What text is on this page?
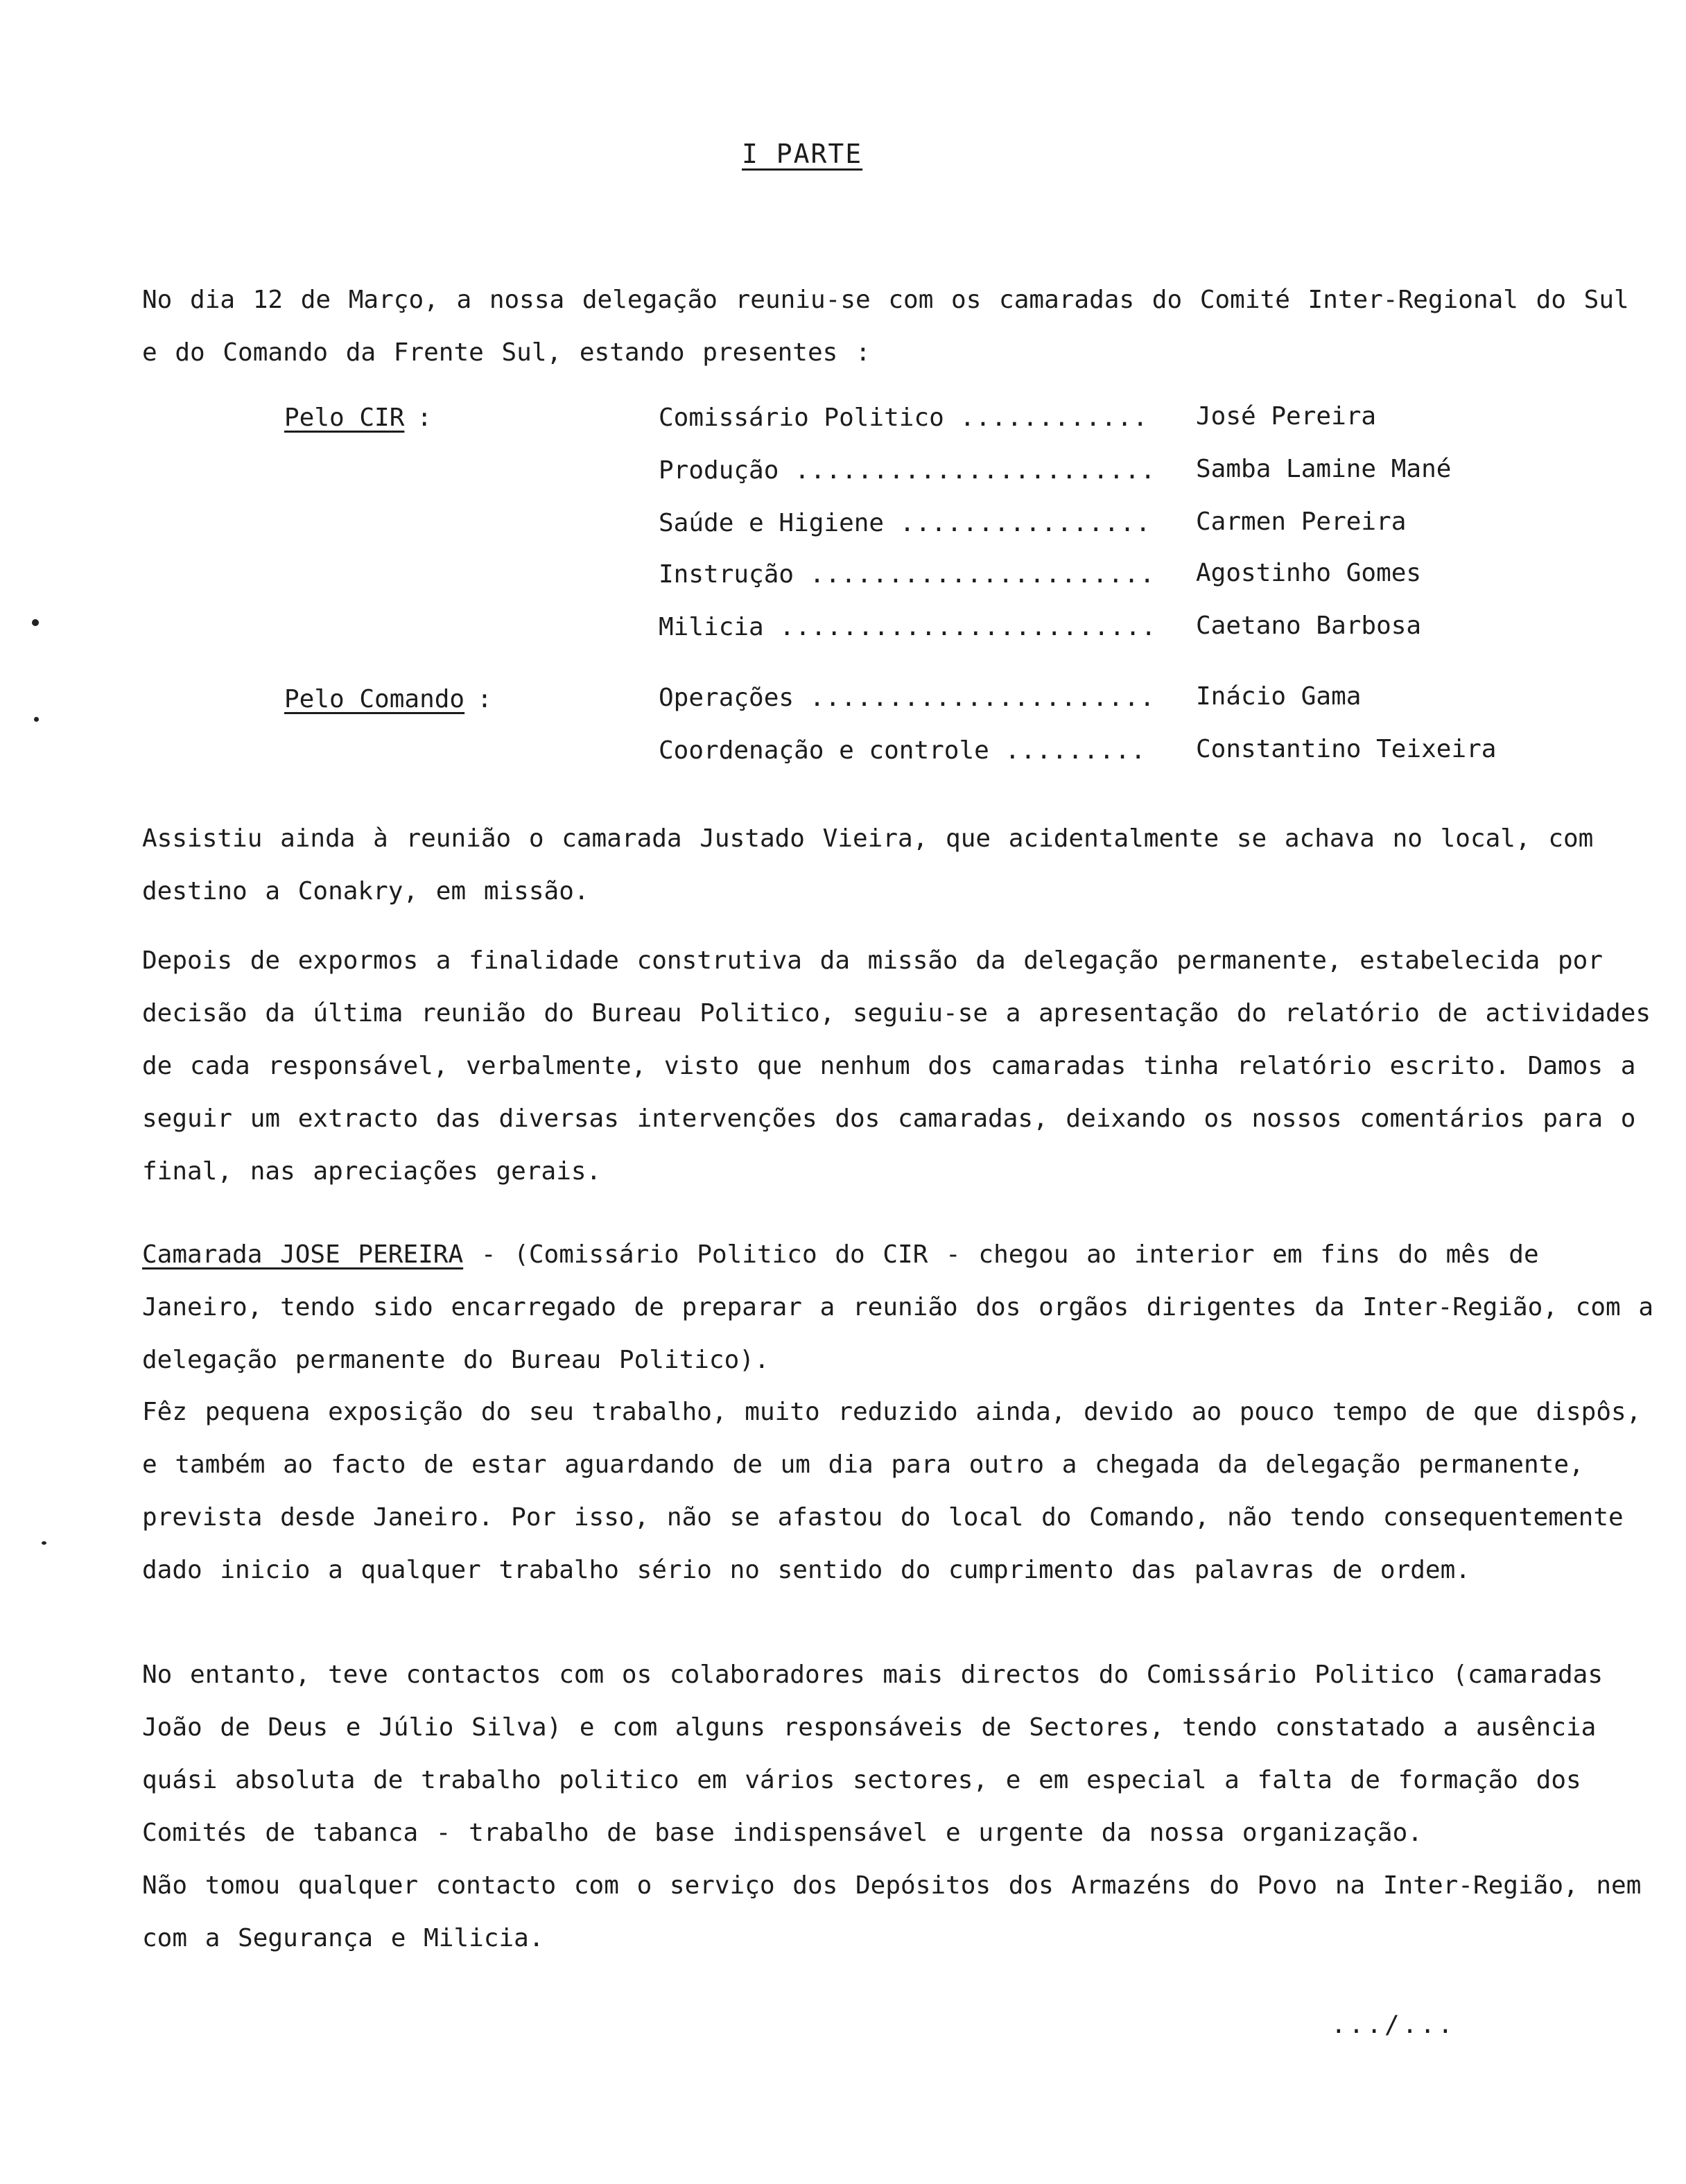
I PARTE
No dia 12 de Março, a nossa delegação reuniu-se com os camaradas do Comité Inter-Regional do Sul e do Comando da Frente Sul, estando presentes :
Pelo CIR :	Comissário Politico .....	José Pereira
Produção .....	Samba Lamine Mané
Saúde e Higiene .....	Carmen Pereira
Instrução .....	Agostinho Gomes
Milicia .....	Caetano Barbosa
Pelo Comando :	Operações .....	Inácio Gama
Coordenação e controle .....	Constantino Teixeira
Assistiu ainda à reunião o camarada Justado Vieira, que acidentalmente se achava no local, com destino a Conakry, em missão.
Depois de expormos a finalidade construtiva da missão da delegação permanente, estabelecida por decisão da última reunião do Bureau Politico, seguiu-se a apresentação do relatório de actividades de cada responsável, verbalmente, visto que nenhum dos camaradas tinha relatório escrito. Damos a seguir um extracto das diversas intervenções dos camaradas, deixando os nossos comentários para o final, nas apreciações gerais.
Camarada JOSE PEREIRA - (Comissário Politico do CIR - chegou ao interior em fins do mês de Janeiro, tendo sido encarregado de preparar a reunião dos orgãos dirigentes da Inter-Região, com a delegação permanente do Bureau Politico).
Fêz pequena exposição do seu trabalho, muito reduzido ainda, devido ao pouco tempo de que dispôs, e também ao facto de estar aguardando de um dia para outro a chegada da delegação permanente, prevista desde Janeiro. Por isso, não se afastou do local do Comando, não tendo consequentemente dado inicio a qualquer trabalho sério no sentido do cumprimento das palavras de ordem.
No entanto, teve contactos com os colaboradores mais directos do Comissário Politico (camaradas João de Deus e Júlio Silva) e com alguns responsáveis de Sectores, tendo constatado a ausência quási absoluta de trabalho politico em vários sectores, e em especial a falta de formação dos Comités de tabanca - trabalho de base indispensável e urgente da nossa organização.
Não tomou qualquer contacto com o serviço dos Depósitos dos Armazéns do Povo na Inter-Região, nem com a Segurança e Milicia.
.../...
